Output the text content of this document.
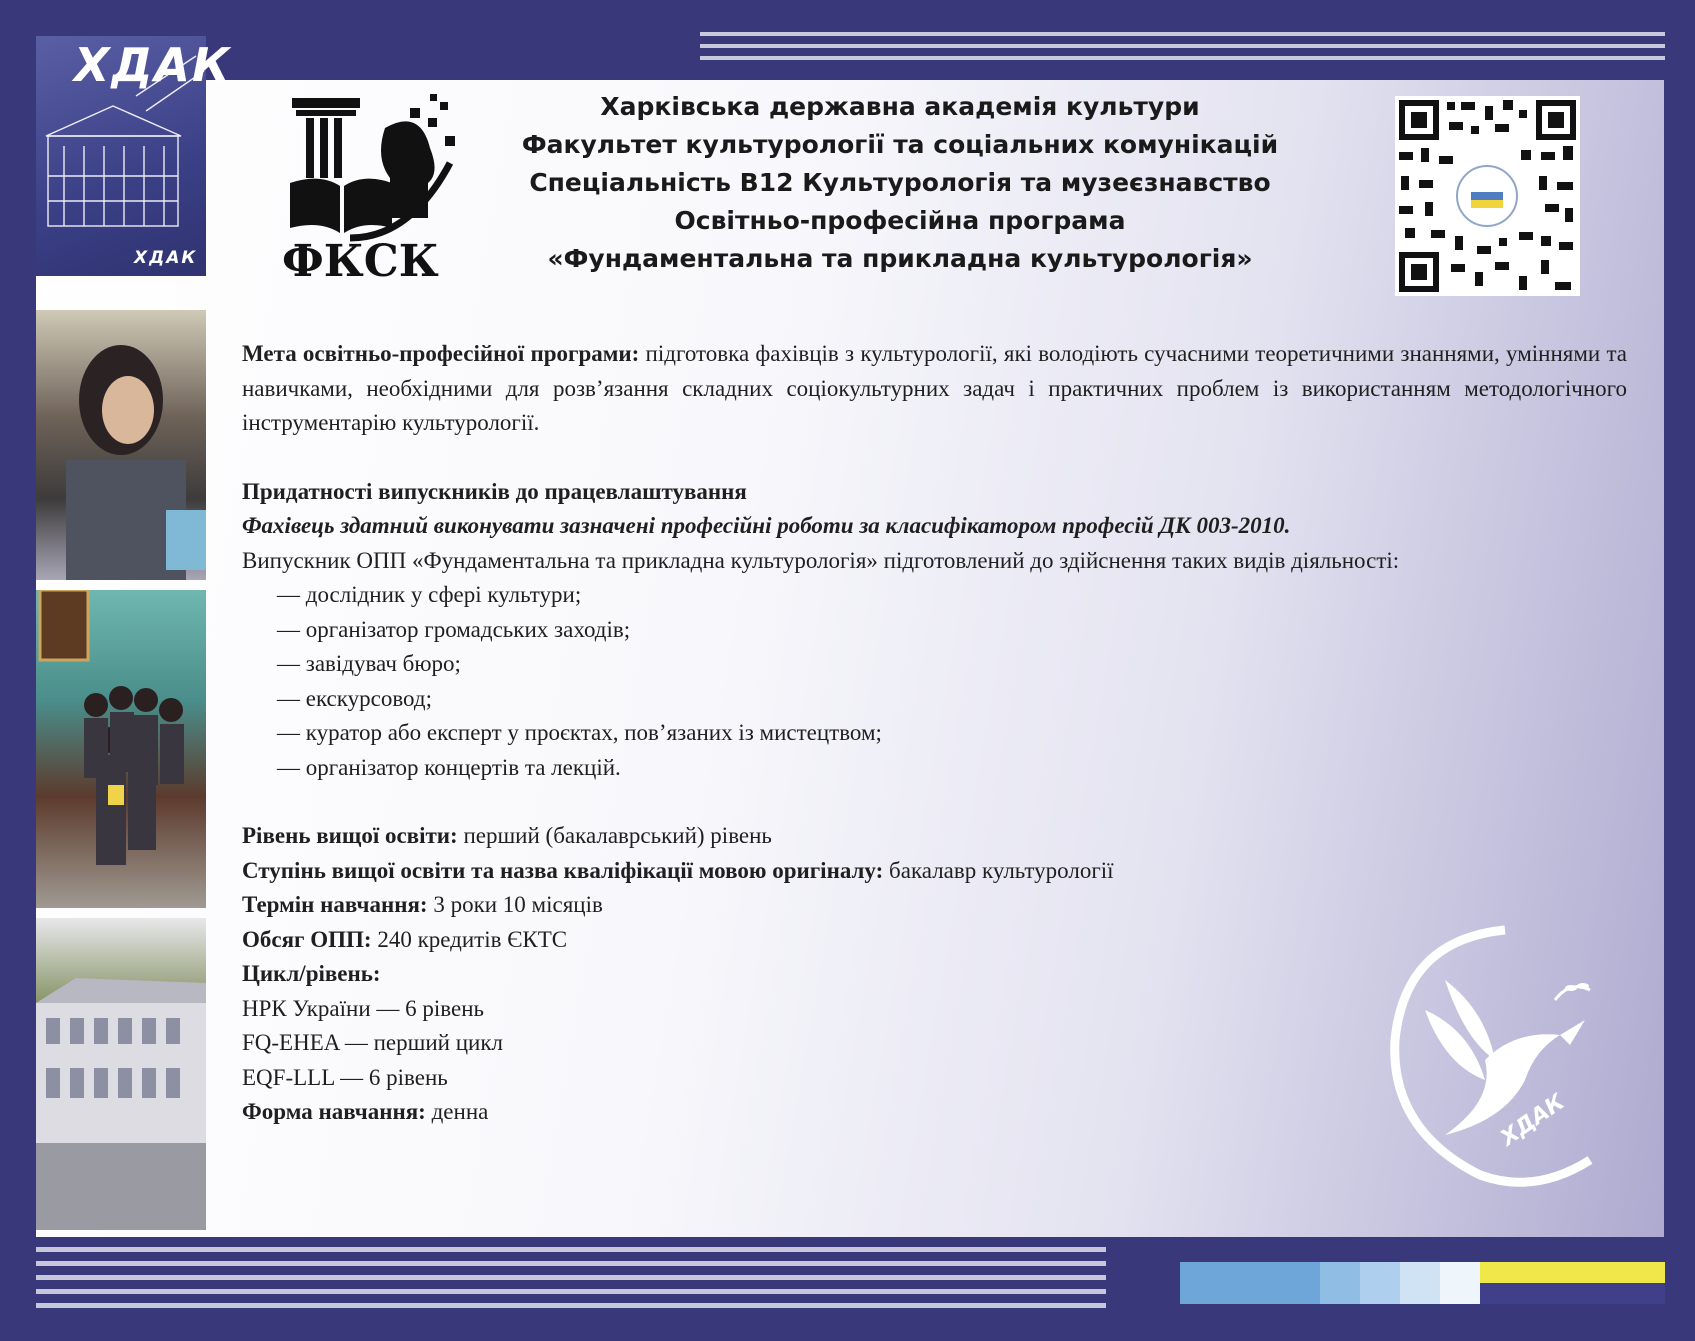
ХДАК
ХДАК ФКСК
Харківська державна академія культури
Факультет культурології та соціальних комунікацій
Спеціальність B12 Культурологія та музеєзнавство
Освітньо-професійна програма
«Фундаментальна та прикладна культурологія»

Мета освітньо-професійної програми: підготовка фахівців з культурології, які володіють сучасними теоретичними знаннями, уміннями та навичками, необхідними для розв’язання складних соціокультурних задач і практичних проблем із використанням методологічного інструментарію культурології.

Придатності випускників до працевлаштування

Фахівець здатний виконувати зазначені професійні роботи за класифікатором професій ДК 003-2010.

Випускник ОПП «Фундаментальна та прикладна культурологія» підготовлений до здійснення таких видів діяльності:

— дослідник у сфері культури;

— організатор громадських заходів;

— завідувач бюро;

— екскурсовод;

— куратор або експерт у проєктах, пов’язаних із мистецтвом;

— організатор концертів та лекцій.

Рівень вищої освіти: перший (бакалаврський) рівень

Ступінь вищої освіти та назва кваліфікації мовою оригіналу: бакалавр культурології

Термін навчання: 3 роки 10 місяців

Обсяг ОПП: 240 кредитів ЄКТС

Цикл/рівень:

НРК України — 6 рівень

FQ-EHEA — перший цикл

EQF-LLL — 6 рівень

Форма навчання: денна	ХДАК
